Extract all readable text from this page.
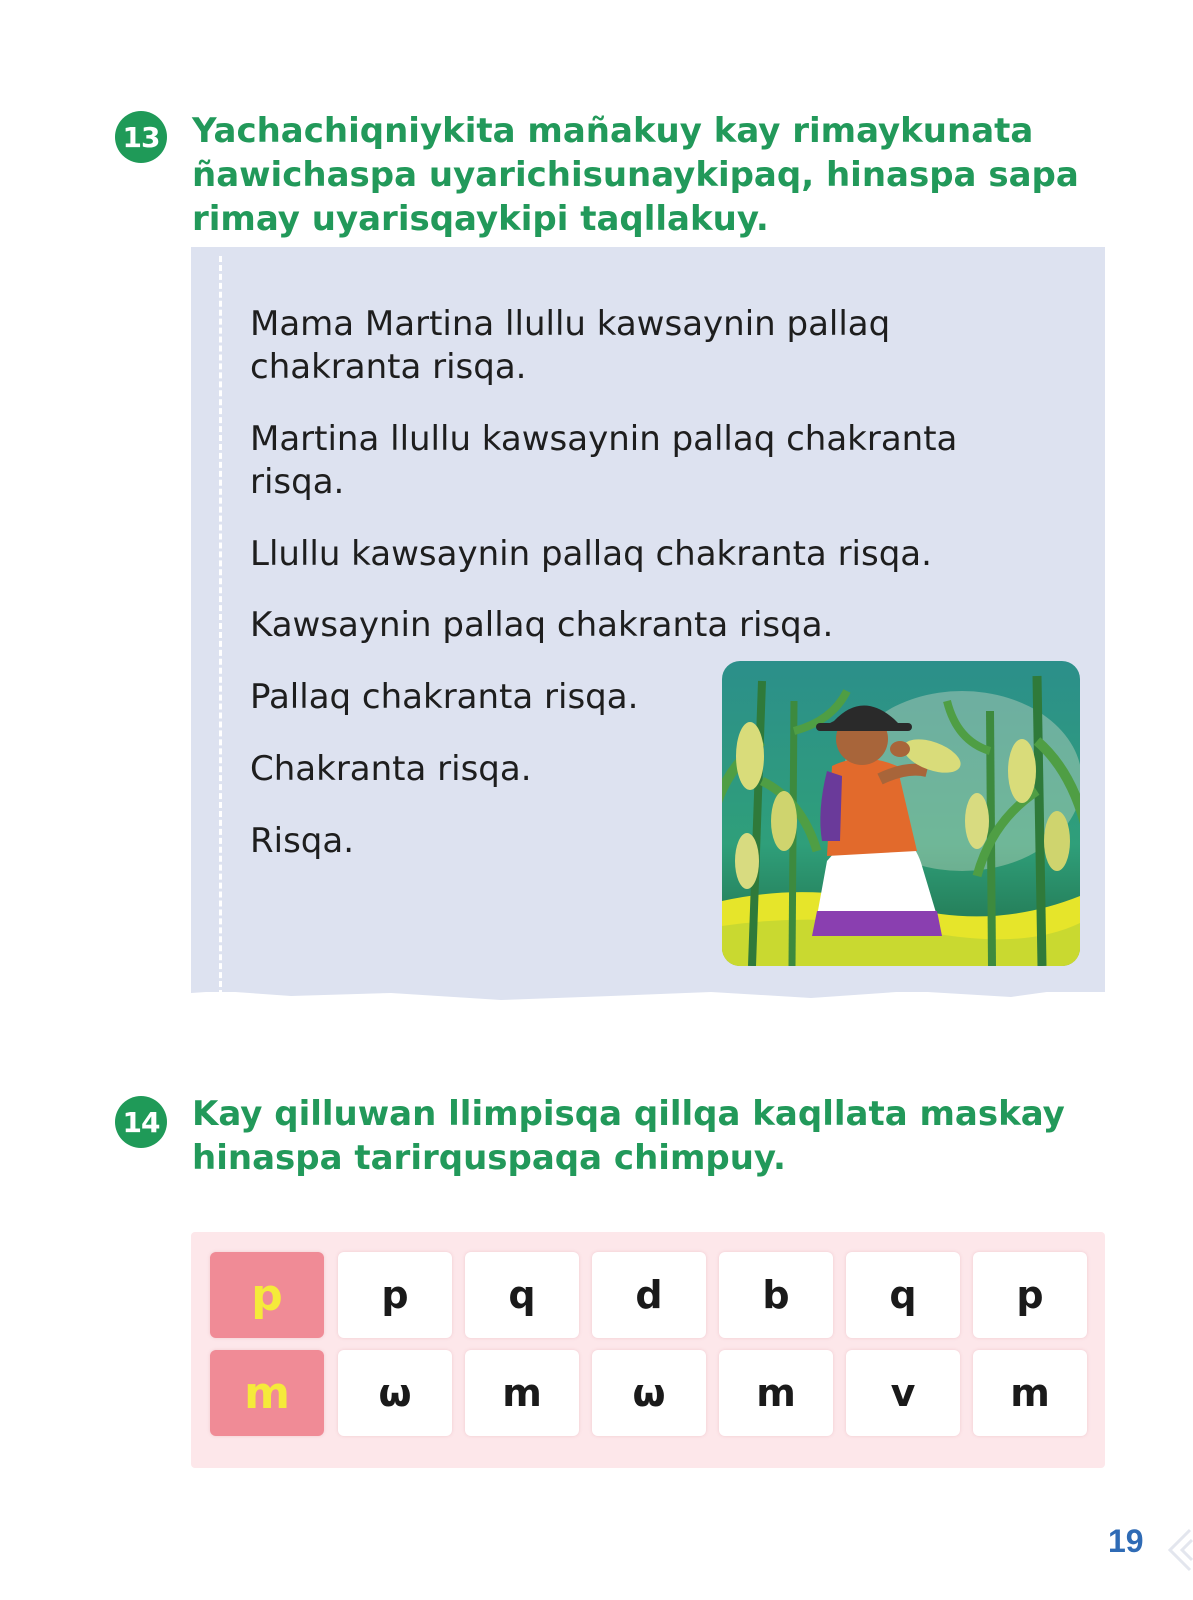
13 Yachachiqniykita mañakuy kay rimaykunata ñawichaspa uyarichisunaykipaq, hinaspa sapa rimay uyarisqaykipi taqllakuy.

Mama Martina llullu kawsaynin pallaq chakranta risqa.

Martina llullu kawsaynin pallaq chakranta risqa.

Llullu kawsaynin pallaq chakranta risqa.

Kawsaynin pallaq chakranta risqa.

Pallaq chakranta risqa.

Chakranta risqa.

Risqa.

14 Kay qilluwan llimpisqa qillqa kaqllata maskay hinaspa tarirquspaqa chimpuy.

p	p	q	d	b	q	p
m	ω	m	ω	m	v	m
19
